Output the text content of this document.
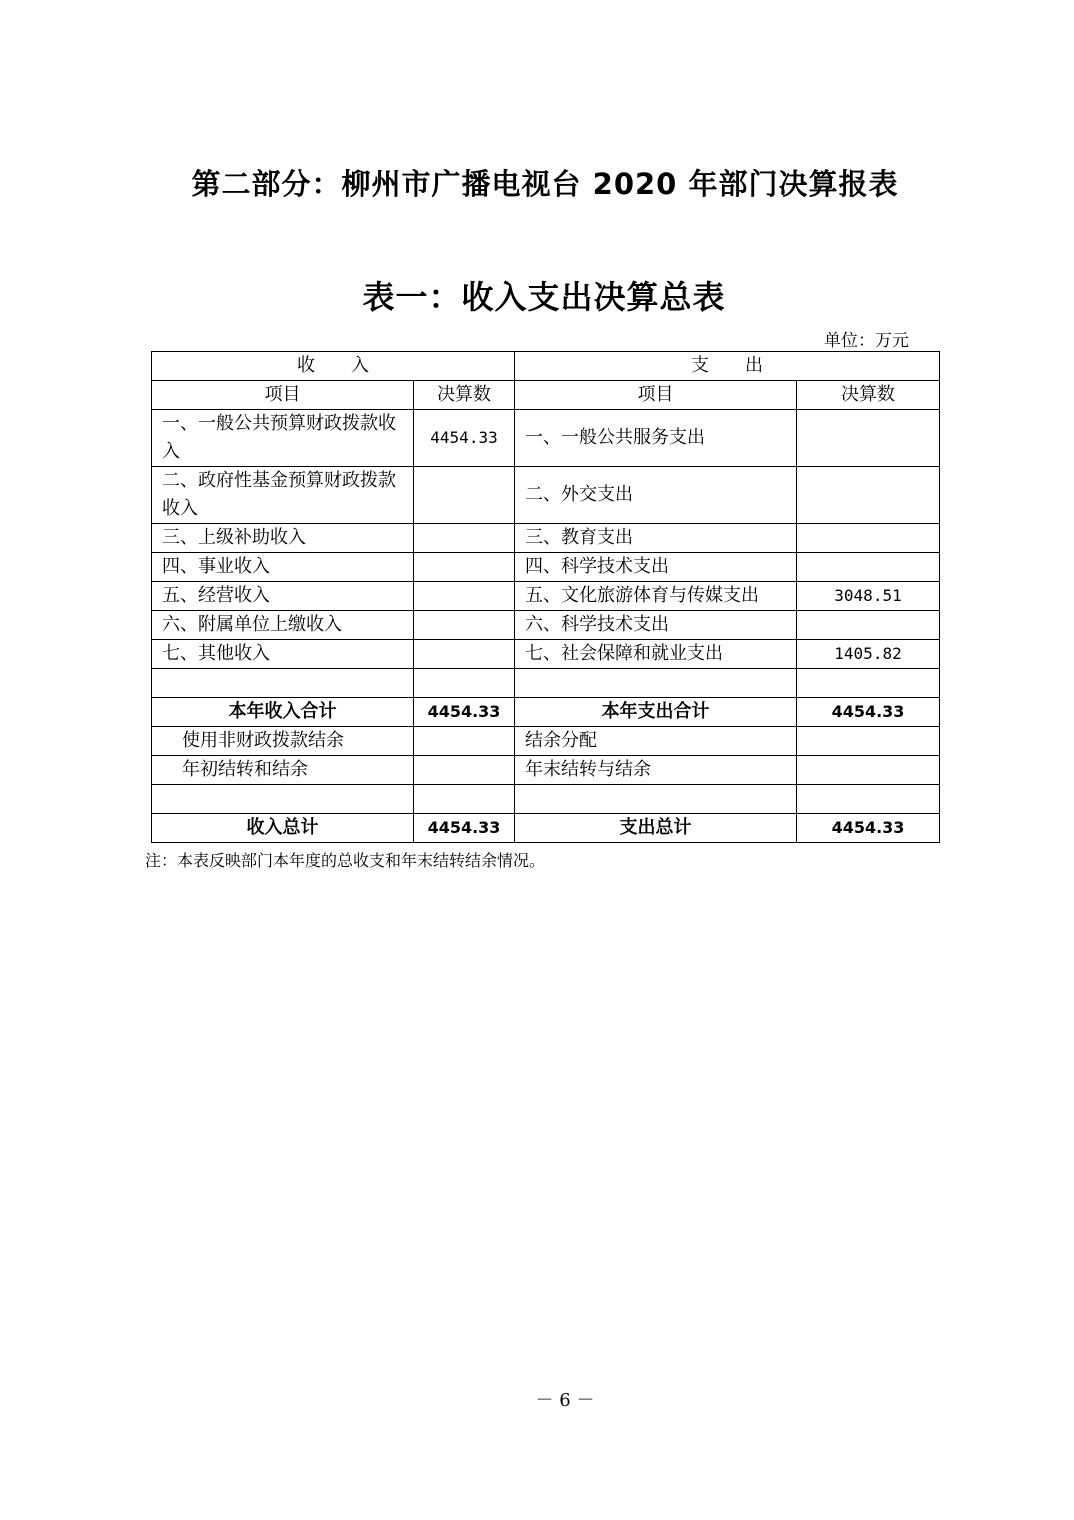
第二部分：柳州市广播电视台 2020 年部门决算报表
表一：收入支出决算总表
单位：万元
收　　入		支　　出	
项目	决算数	项目	决算数
一、一般公共预算财政拨款收入	4454.33	一、一般公共服务支出	
二、政府性基金预算财政拨款收入		二、外交支出	
三、上级补助收入		三、教育支出	
四、事业收入		四、科学技术支出	
五、经营收入		五、文化旅游体育与传媒支出	3048.51
六、附属单位上缴收入		六、科学技术支出	
七、其他收入		七、社会保障和就业支出	1405.82

本年收入合计	4454.33	本年支出合计	4454.33
使用非财政拨款结余		结余分配	
年初结转和结余		年末结转与结余	

收入总计	4454.33	支出总计	4454.33
注：本表反映部门本年度的总收支和年末结转结余情况。
－ 6 －
